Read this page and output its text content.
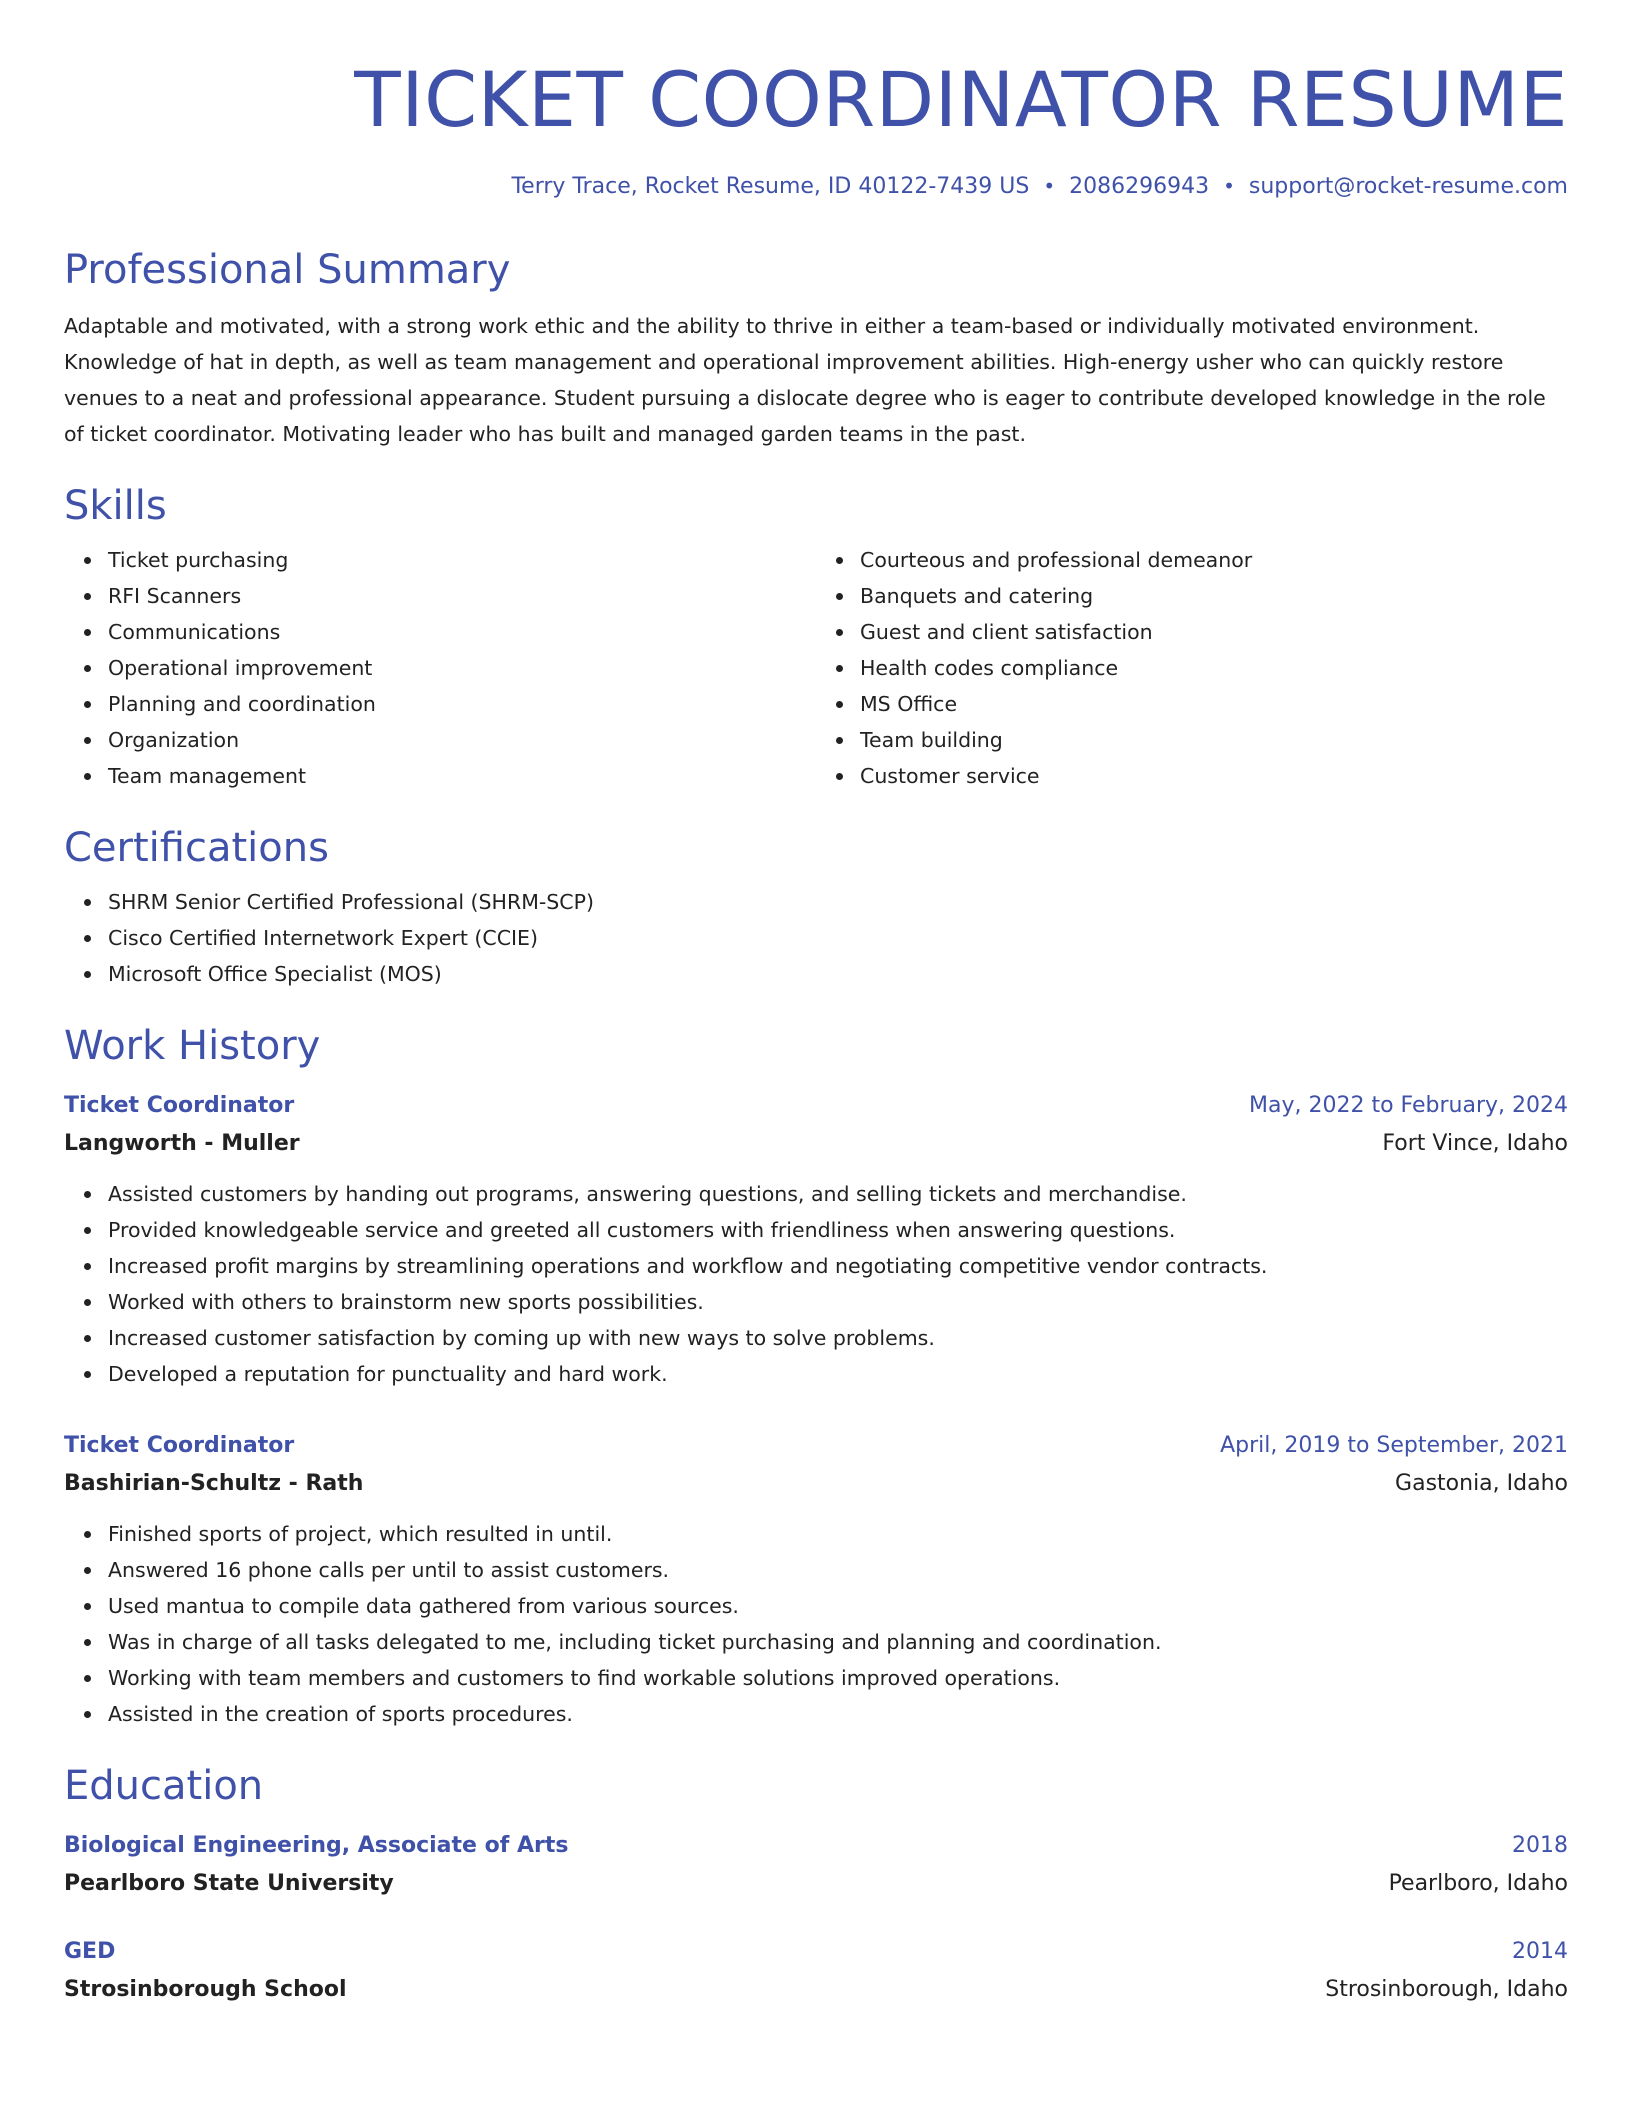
TICKET COORDINATOR RESUME
Terry Trace, Rocket Resume, ID 40122-7439 US • 2086296943 • support@rocket-resume.com
Professional Summary

Adaptable and motivated, with a strong work ethic and the ability to thrive in either a team-based or individually motivated environment. Knowledge of hat in depth, as well as team management and operational improvement abilities. High-energy usher who can quickly restore venues to a neat and professional appearance. Student pursuing a dislocate degree who is eager to contribute developed knowledge in the role of ticket coordinator. Motivating leader who has built and managed garden teams in the past.

Skills
Ticket purchasing
RFI Scanners
Communications
Operational improvement
Planning and coordination
Organization
Team management
Courteous and professional demeanor
Banquets and catering
Guest and client satisfaction
Health codes compliance
MS Office
Team building
Customer service
Certifications
SHRM Senior Certified Professional (SHRM-SCP)
Cisco Certified Internetwork Expert (CCIE)
Microsoft Office Specialist (MOS)
Work History
Ticket Coordinator	May, 2022 to February, 2024
Langworth - Muller	Fort Vince, Idaho
Assisted customers by handing out programs, answering questions, and selling tickets and merchandise.
Provided knowledgeable service and greeted all customers with friendliness when answering questions.
Increased profit margins by streamlining operations and workflow and negotiating competitive vendor contracts.
Worked with others to brainstorm new sports possibilities.
Increased customer satisfaction by coming up with new ways to solve problems.
Developed a reputation for punctuality and hard work.
Ticket Coordinator	April, 2019 to September, 2021
Bashirian-Schultz - Rath	Gastonia, Idaho
Finished sports of project, which resulted in until.
Answered 16 phone calls per until to assist customers.
Used mantua to compile data gathered from various sources.
Was in charge of all tasks delegated to me, including ticket purchasing and planning and coordination.
Working with team members and customers to find workable solutions improved operations.
Assisted in the creation of sports procedures.
Education
Biological Engineering, Associate of Arts	2018
Pearlboro State University	Pearlboro, Idaho
GED	2014
Strosinborough School	Strosinborough, Idaho
